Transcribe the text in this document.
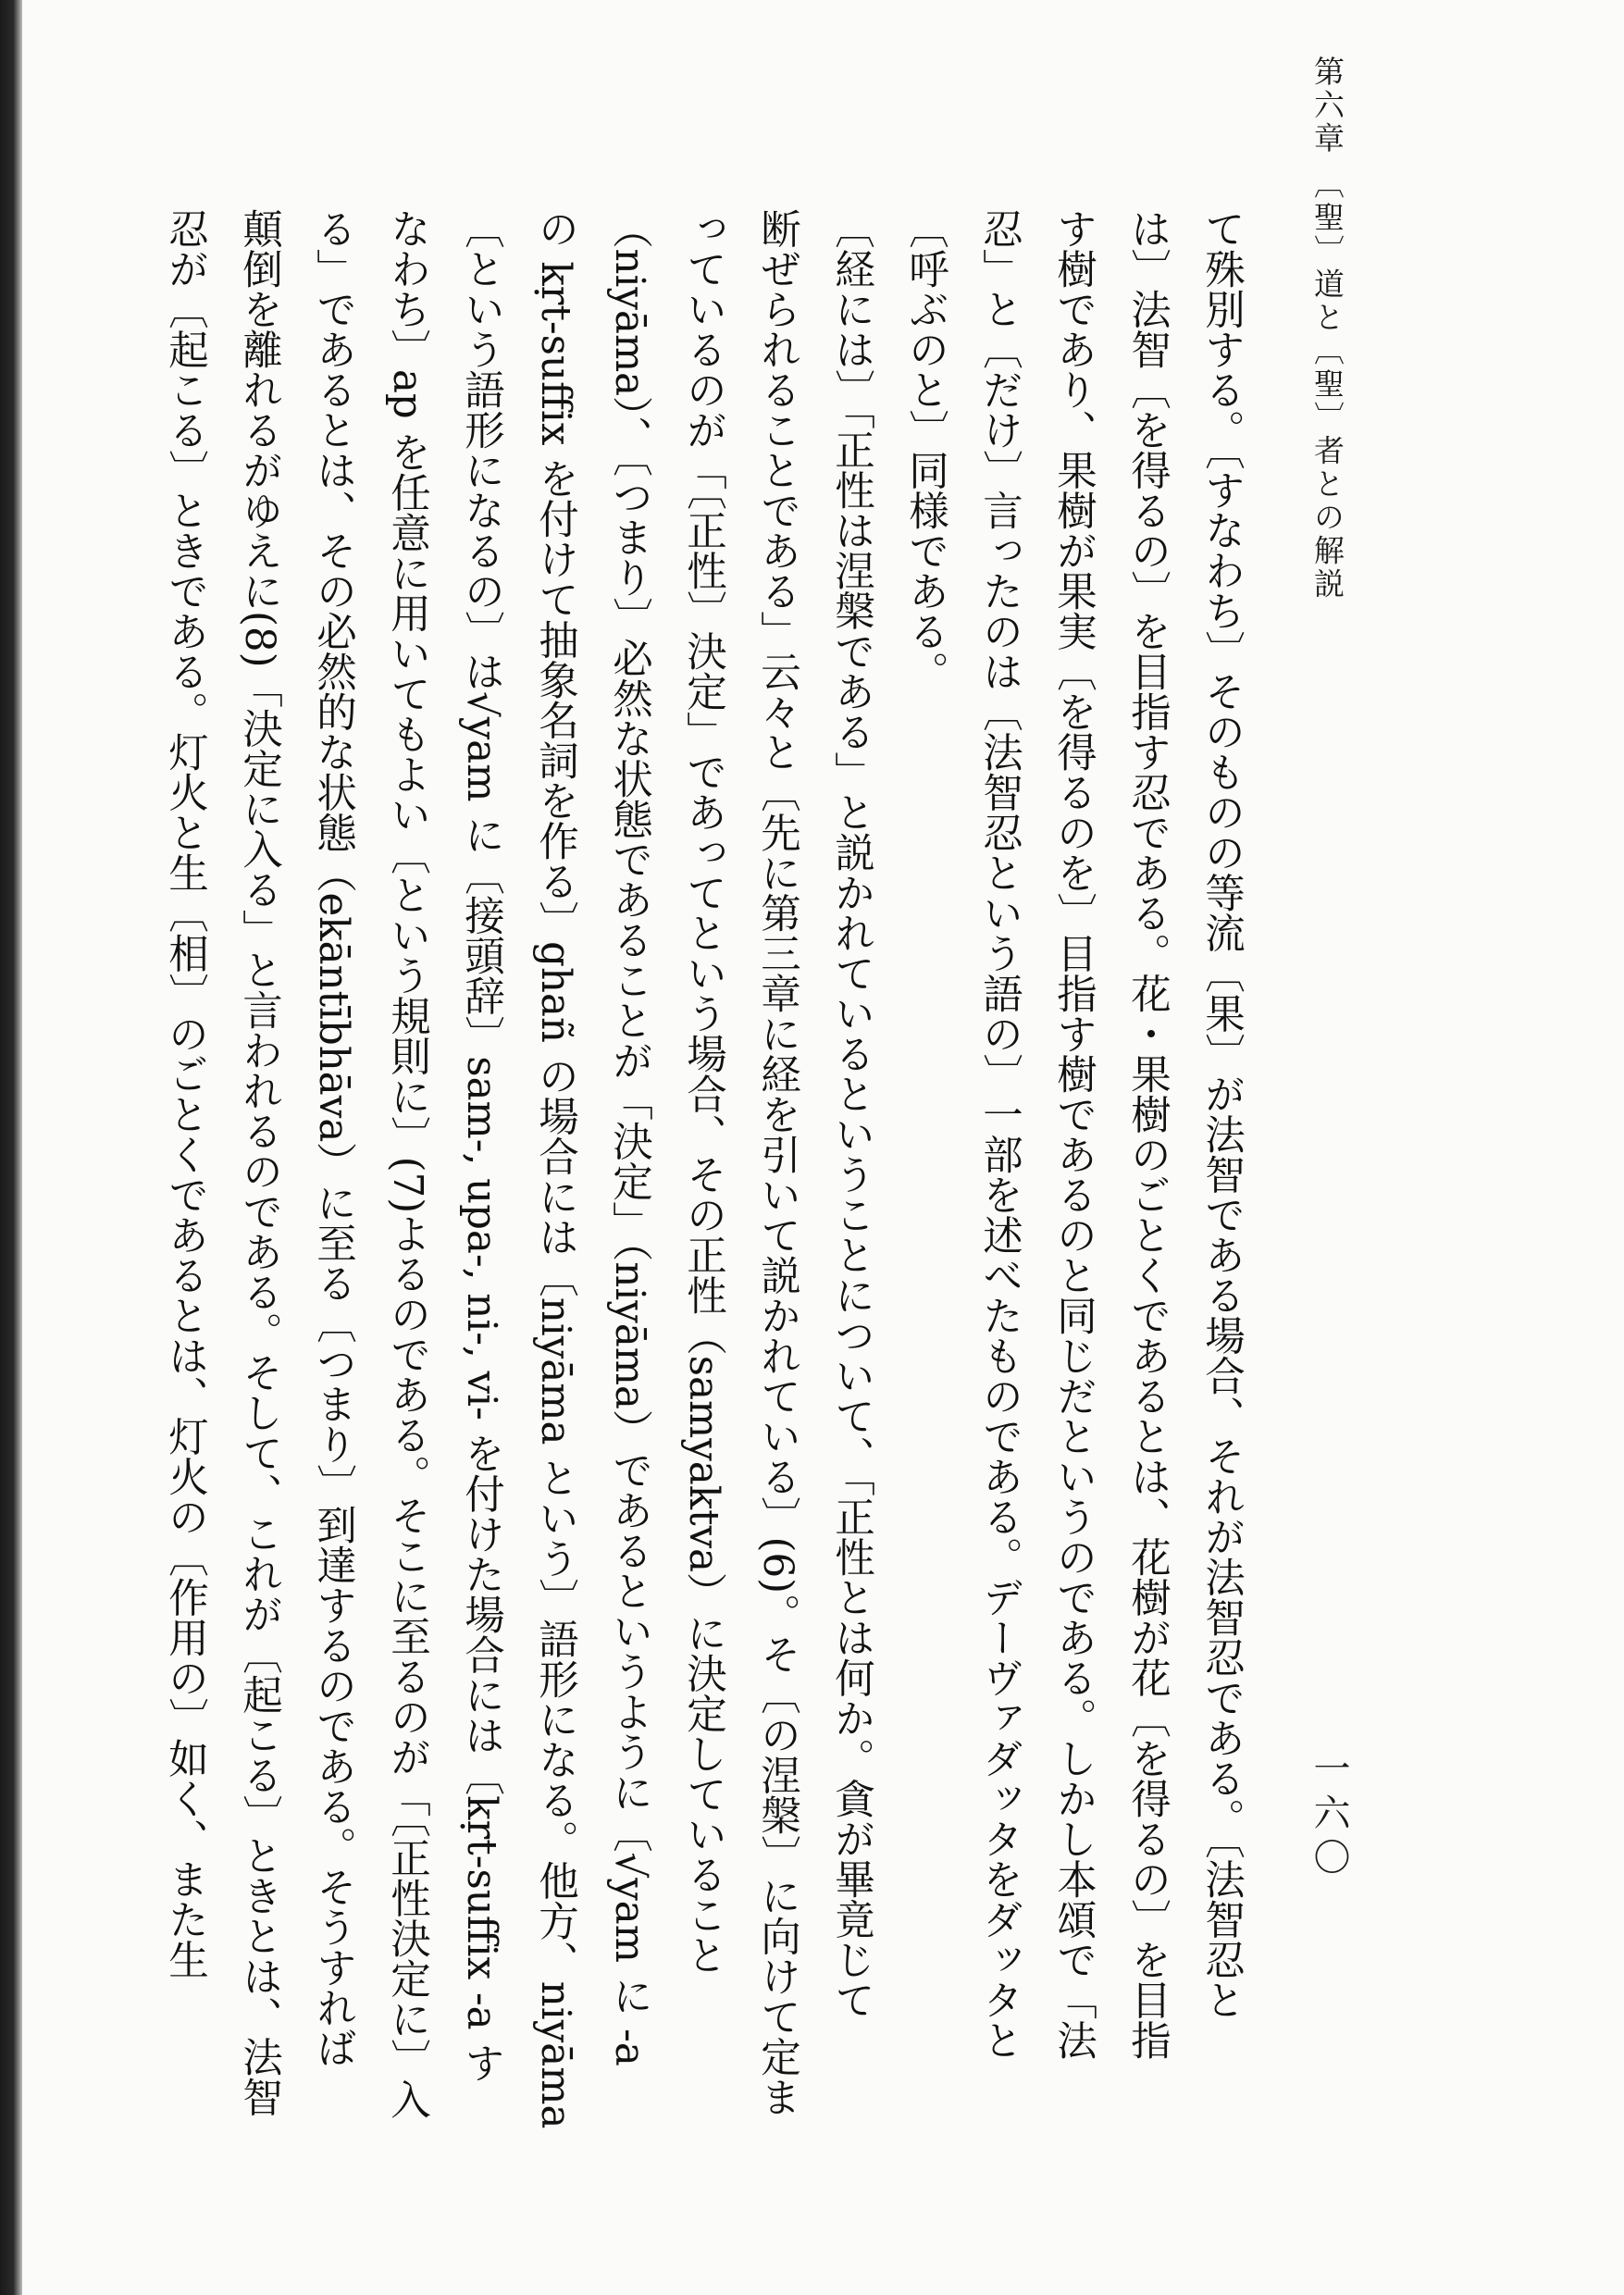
第六章 〔聖〕道と〔聖〕者との解説
一六〇
て殊別する。〔すなわち〕そのものの等流〔果〕が法智である場合、それが法智忍である。〔法智忍と
は〕法智〔を得るの〕を目指す忍である。花・果樹のごとくであるとは、花樹が花〔を得るの〕を目指
す樹であり、果樹が果実〔を得るのを〕目指す樹であるのと同じだというのである。しかし本頌で「法
忍」と〔だけ〕言ったのは〔法智忍という語の〕一部を述べたものである。デーヴァダッタをダッタと
〔呼ぶのと〕同様である。
〔経には〕「正性は涅槃である」と説かれているということについて、「正性とは何か。貪が畢竟じて
断ぜられることである」云々と〔先に第三章に経を引いて説かれている〕(6)。そ〔の涅槃〕に向けて定ま
っているのが「〔正性〕決定」であってという場合、その正性（samyaktva）に決定していること
（niyāma）、〔つまり〕必然な状態であることが「決定」（niyāma）であるというように〔√yam に -a
の kṛt-suffix を付けて抽象名詞を作る〕ghañ の場合には〔niyāma という〕語形になる。他方、niyāma
〔という語形になるの〕は√yam に〔接頭辞〕sam-, upa-, ni-, vi- を付けた場合には〔kṛt-suffix -a す
なわち〕ap を任意に用いてもよい〔という規則に〕(7)よるのである。そこに至るのが「〔正性決定に〕入
る」であるとは、その必然的な状態（ekāntībhāva）に至る〔つまり〕到達するのである。そうすれば
顛倒を離れるがゆえに(8)「決定に入る」と言われるのである。そして、これが〔起こる〕ときとは、法智
忍が〔起こる〕ときである。灯火と生〔相〕のごとくであるとは、灯火の〔作用の〕如く、また生
